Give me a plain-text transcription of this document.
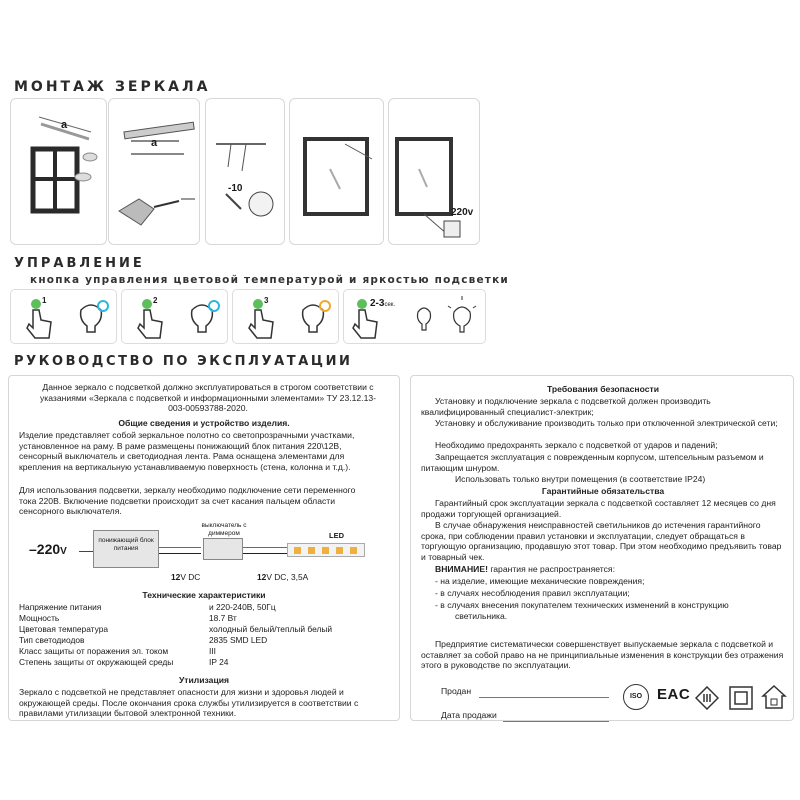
МОНТАЖ ЗЕРКАЛА
a
a
-10
220v
УПРАВЛЕНИЕ
кнопка управления цветовой температурой и яркостью подсветки
1	2	3	2-3сек.
РУКОВОДСТВО ПО ЭКСПЛУАТАЦИИ
Данное зеркало с подсветкой должно эксплуатироваться в строгом соответствии с указаниями «Зеркала с подсветкой и информационными элементами» ТУ 23.12.13-003-00593788-2020.
Общие сведения и устройство изделия.
Изделие представляет собой зеркальное полотно со светопрозрачными участками, установленное на раму. В раме размещены понижающий блок питания 220\12В, сенсорный выключатель и светодиодная лента. Рама оснащена элементами для крепления на вертикальную устанавливаемую поверхность (стена, колонна и т.д.).
Для использования подсветки, зеркалу необходимо подключение сети переменного тока 220В. Включение подсветки происходит за счет касания пальцем области сенсорного выключателя.
–220V
понижающий блок питания
выключатель с диммером	LED
12V DC	12V DC, 3,5A
Технические характеристики
Напряжение питания	и 220-240В, 50Гц
Мощность	18.7 Вт
Цветовая температура	холодный белый/теплый белый
Тип светодиодов	2835 SMD LED
Класс защиты от поражения эл. током	III
Степень защиты от окружающей среды	IP 24
Утилизация
Зеркало с подсветкой не представляет опасности для жизни и здоровья людей и окружающей среды. После окончания срока службы утилизируется в соответствии с правилами утилизации бытовой электронной техники.
Требования безопасности
Установку и подключение зеркала с подсветкой должен производить квалифицированный специалист-электрик;
Установку и обслуживание производить только при отключенной электрической сети;
Необходимо предохранять зеркало с подсветкой от ударов и падений;
Запрещается эксплуатация с поврежденным корпусом, штепсельным разъемом и питающим шнуром.
Использовать только внутри помещения (в соответствие IP24)
Гарантийные обязательства
Гарантийный срок эксплуатации зеркала с подсветкой составляет 12 месяцев со дня продажи торгующей организацией.
В случае обнаружения неисправностей светильников до истечения гарантийного срока, при соблюдении правил установки и эксплуатации, следует обращаться в торгующую организацию, продавшую этот товар. При этом необходимо предъявить товар и товарный чек.
ВНИМАНИЕ! гарантия не распространяется:
- на изделие, имеющие механические повреждения;
- в случаях несоблюдения правил эксплуатации;
- в случаях внесения покупателем технических изменений в конструкцию
светильника.
Предприятие систематически совершенствует выпускаемые зеркала с подсветкой и оставляет за собой право на не принципиальные изменения в конструкции без отражения этого в руководстве по эксплуатации.
Продан
Дата продажи
ISO EAC
